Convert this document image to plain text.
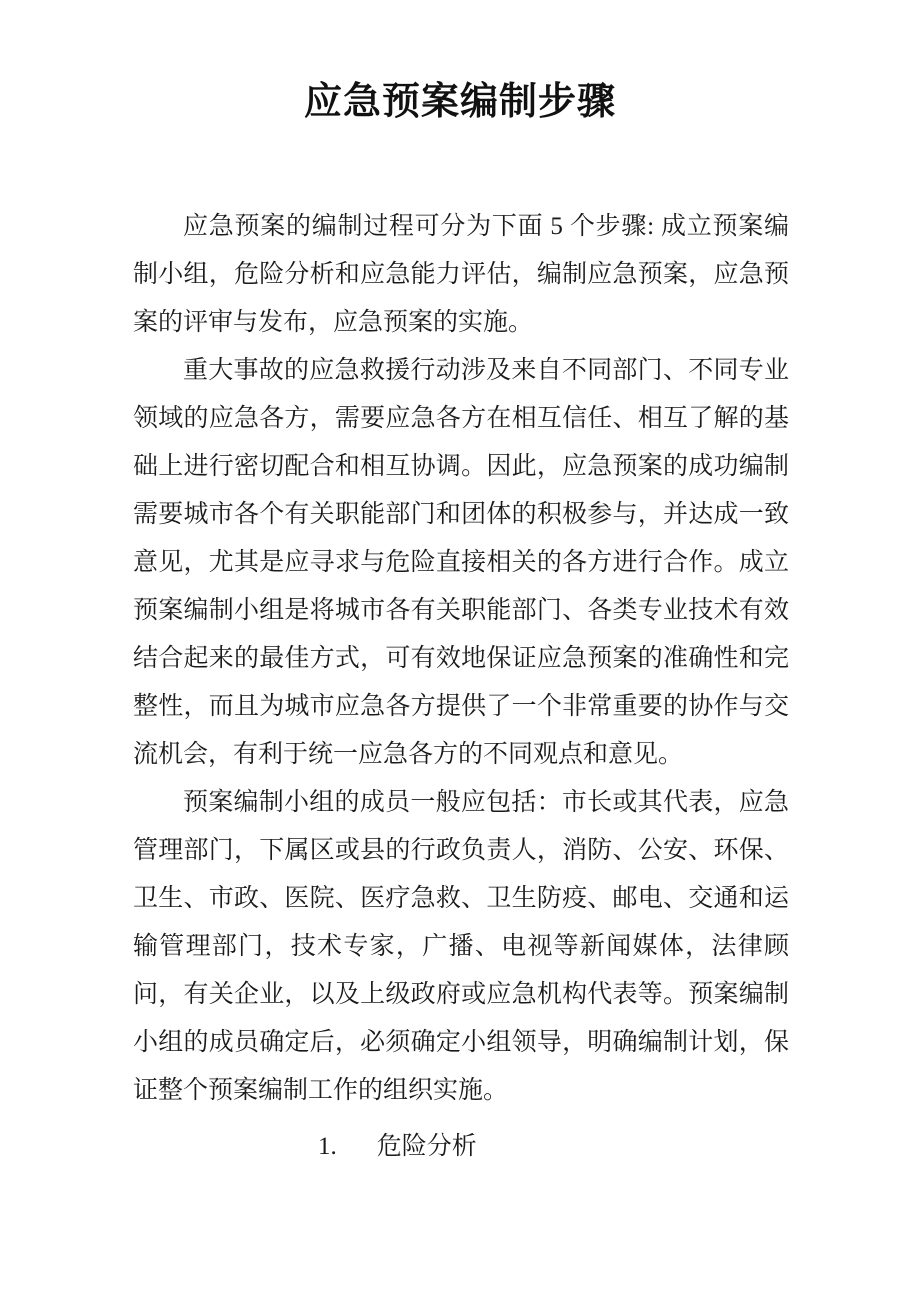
应急预案编制步骤

应急预案的编制过程可分为下面 5 个步骤: 成立预案编制小组，危险分析和应急能力评估，编制应急预案，应急预案的评审与发布，应急预案的实施。

重大事故的应急救援行动涉及来自不同部门、不同专业领域的应急各方，需要应急各方在相互信任、相互了解的基础上进行密切配合和相互协调。因此，应急预案的成功编制需要城市各个有关职能部门和团体的积极参与，并达成一致意见，尤其是应寻求与危险直接相关的各方进行合作。成立预案编制小组是将城市各有关职能部门、各类专业技术有效结合起来的最佳方式，可有效地保证应急预案的准确性和完整性，而且为城市应急各方提供了一个非常重要的协作与交流机会，有利于统一应急各方的不同观点和意见。

预案编制小组的成员一般应包括：市长或其代表，应急管理部门，下属区或县的行政负责人，消防、公安、环保、卫生、市政、医院、医疗急救、卫生防疫、邮电、交通和运输管理部门，技术专家，广播、电视等新闻媒体，法律顾问，有关企业，以及上级政府或应急机构代表等。预案编制小组的成员确定后，必须确定小组领导，明确编制计划，保证整个预案编制工作的组织实施。

1. 危险分析
